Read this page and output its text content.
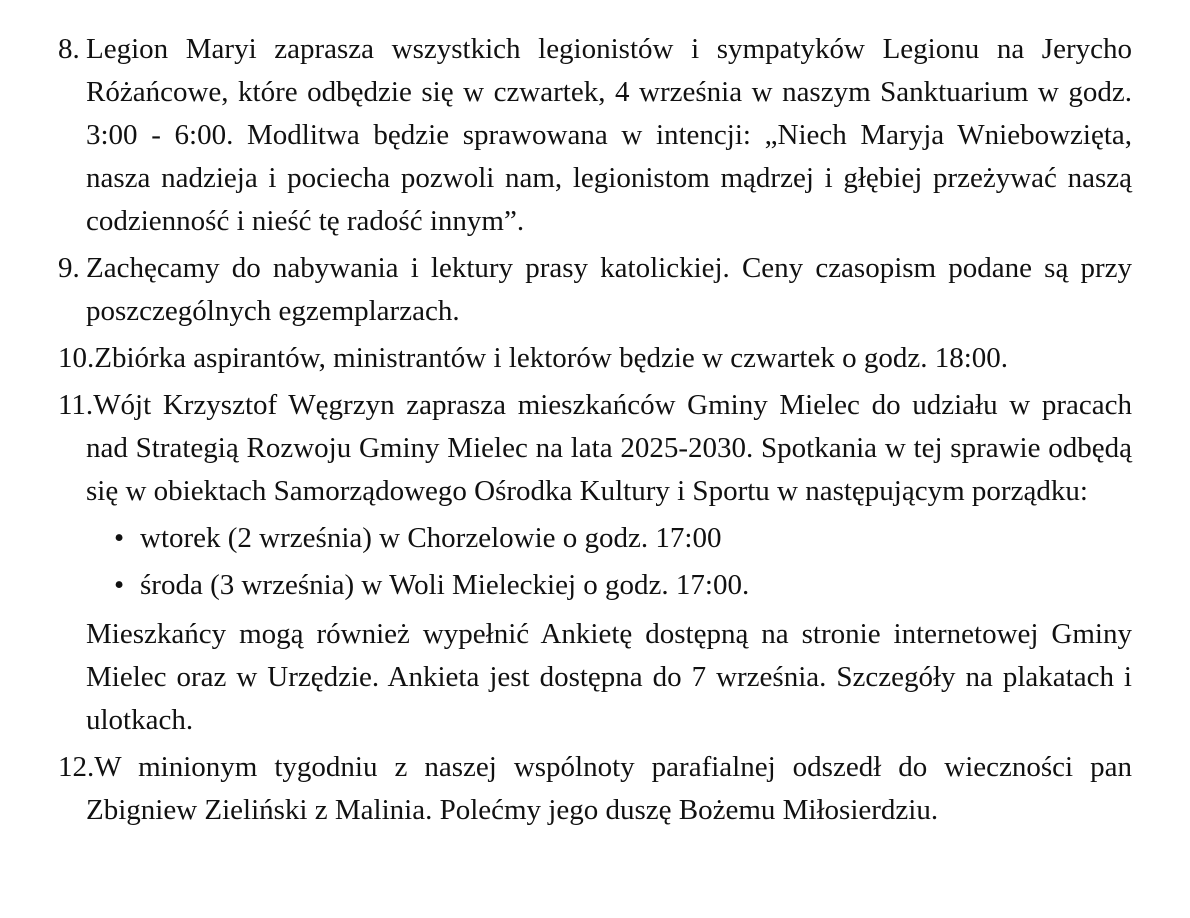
8. Legion Maryi zaprasza wszystkich legionistów i sympatyków Legionu na Jerycho Różańcowe, które odbędzie się w czwartek, 4 września w naszym Sanktuarium w godz. 3:00 - 6:00. Modlitwa będzie sprawowana w intencji: „Niech Maryja Wniebowzięta, nasza nadzieja i pociecha pozwoli nam, legionistom mądrzej i głębiej przeżywać naszą codzienność i nieść tę radość innym”.

9. Zachęcamy do nabywania i lektury prasy katolickiej. Ceny czasopism podane są przy poszczególnych egzemplarzach.

10.Zbiórka aspirantów, ministrantów i lektorów będzie w czwartek o godz. 18:00.

11.Wójt Krzysztof Węgrzyn zaprasza mieszkańców Gminy Mielec do udziału w pracach nad Strategią Rozwoju Gminy Mielec na lata 2025-2030. Spotkania w tej sprawie odbędą się w obiektach Samorządowego Ośrodka Kultury i Sportu w następującym porządku:

• wtorek (2 września) w Chorzelowie o godz. 17:00
• środa (3 września) w Woli Mieleckiej o godz. 17:00.

Mieszkańcy mogą również wypełnić Ankietę dostępną na stronie internetowej Gminy Mielec oraz w Urzędzie. Ankieta jest dostępna do 7 września. Szczegóły na plakatach i ulotkach.

12.W minionym tygodniu z naszej wspólnoty parafialnej odszedł do wieczności pan Zbigniew Zieliński z Malinia. Polećmy jego duszę Bożemu Miłosierdziu.
